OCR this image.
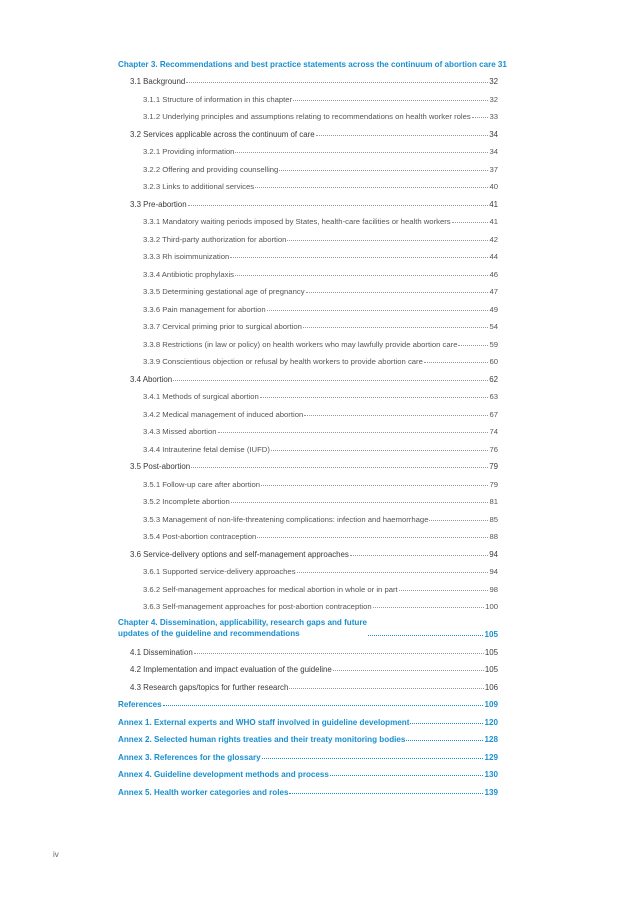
Chapter 3. Recommendations and best practice statements across the continuum of abortion care 31
3.1 Background	32
3.1.1 Structure of information in this chapter	32
3.1.2 Underlying principles and assumptions relating to recommendations on health worker roles 33
3.2 Services applicable across the continuum of care	34
3.2.1 Providing information	34
3.2.2 Offering and providing counselling	37
3.2.3 Links to additional services	40
3.3 Pre-abortion	41
3.3.1 Mandatory waiting periods imposed by States, health-care facilities or health workers	41
3.3.2 Third-party authorization for abortion	42
3.3.3 Rh isoimmunization	44
3.3.4 Antibiotic prophylaxis	46
3.3.5 Determining gestational age of pregnancy	47
3.3.6 Pain management for abortion	49
3.3.7 Cervical priming prior to surgical abortion	54
3.3.8 Restrictions (in law or policy) on health workers who may lawfully provide abortion care	59
3.3.9 Conscientious objection or refusal by health workers to provide abortion care	60
3.4 Abortion	62
3.4.1 Methods of surgical abortion	63
3.4.2 Medical management of induced abortion	67
3.4.3 Missed abortion	74
3.4.4 Intrauterine fetal demise (IUFD)	76
3.5 Post-abortion	79
3.5.1 Follow-up care after abortion	79
3.5.2 Incomplete abortion	81
3.5.3 Management of non-life-threatening complications: infection and haemorrhage	85
3.5.4 Post-abortion contraception	88
3.6 Service-delivery options and self-management approaches	94
3.6.1 Supported service-delivery approaches	94
3.6.2 Self-management approaches for medical abortion in whole or in part	98
3.6.3 Self-management approaches for post-abortion contraception	100
Chapter 4. Dissemination, applicability, research gaps and future
updates of the guideline and recommendations	105
4.1 Dissemination	105
4.2 Implementation and impact evaluation of the guideline	105
4.3 Research gaps/topics for further research	106
References	109
Annex 1. External experts and WHO staff involved in guideline development	120
Annex 2. Selected human rights treaties and their treaty monitoring bodies	128
Annex 3. References for the glossary	129
Annex 4. Guideline development methods and process	130
Annex 5. Health worker categories and roles	139
iv
